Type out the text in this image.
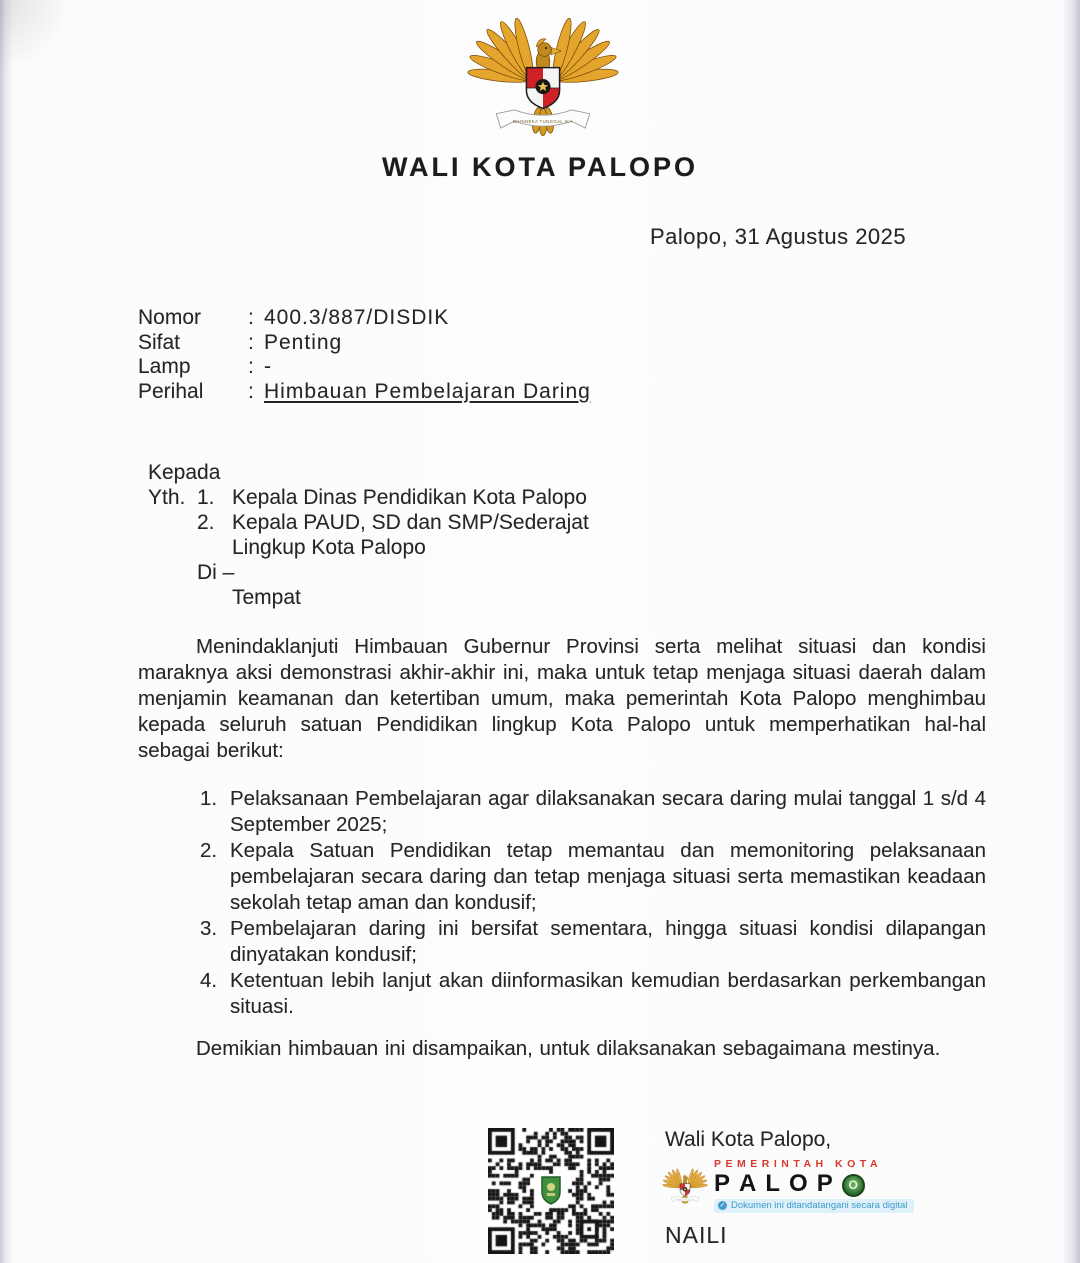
WALI KOTA PALOPO
Palopo, 31 Agustus 2025
Nomor	: 400.3/887/DISDIK
Sifat	: Penting
Lamp	: -
Perihal	: Himbauan Pembelajaran Daring
Kepada
Yth. 1. Kepala Dinas Pendidikan Kota Palopo
2. Kepala PAUD, SD dan SMP/Sederajat
Lingkup Kota Palopo
Di –
Tempat
Menindaklanjuti Himbauan Gubernur Provinsi serta melihat situasi dan kondisi maraknya aksi demonstrasi akhir-akhir ini, maka untuk tetap menjaga situasi daerah dalam menjamin keamanan dan ketertiban umum, maka pemerintah Kota Palopo menghimbau kepada seluruh satuan Pendidikan lingkup Kota Palopo untuk memperhatikan hal-hal sebagai berikut:
1. Pelaksanaan Pembelajaran agar dilaksanakan secara daring mulai tanggal 1 s/d 4 September 2025;
2. Kepala Satuan Pendidikan tetap memantau dan memonitoring pelaksanaan pembelajaran secara daring dan tetap menjaga situasi serta memastikan keadaan sekolah tetap aman dan kondusif;
3. Pembelajaran daring ini bersifat sementara, hingga situasi kondisi dilapangan dinyatakan kondusif;
4. Ketentuan lebih lanjut akan diinformasikan kemudian berdasarkan perkembangan situasi.
Demikian himbauan ini disampaikan, untuk dilaksanakan sebagaimana mestinya.
Wali Kota Palopo,
PEMERINTAH KOTA
P A L O P	O
✓ Dokumen ini ditandatangani secara digital
NAILI
